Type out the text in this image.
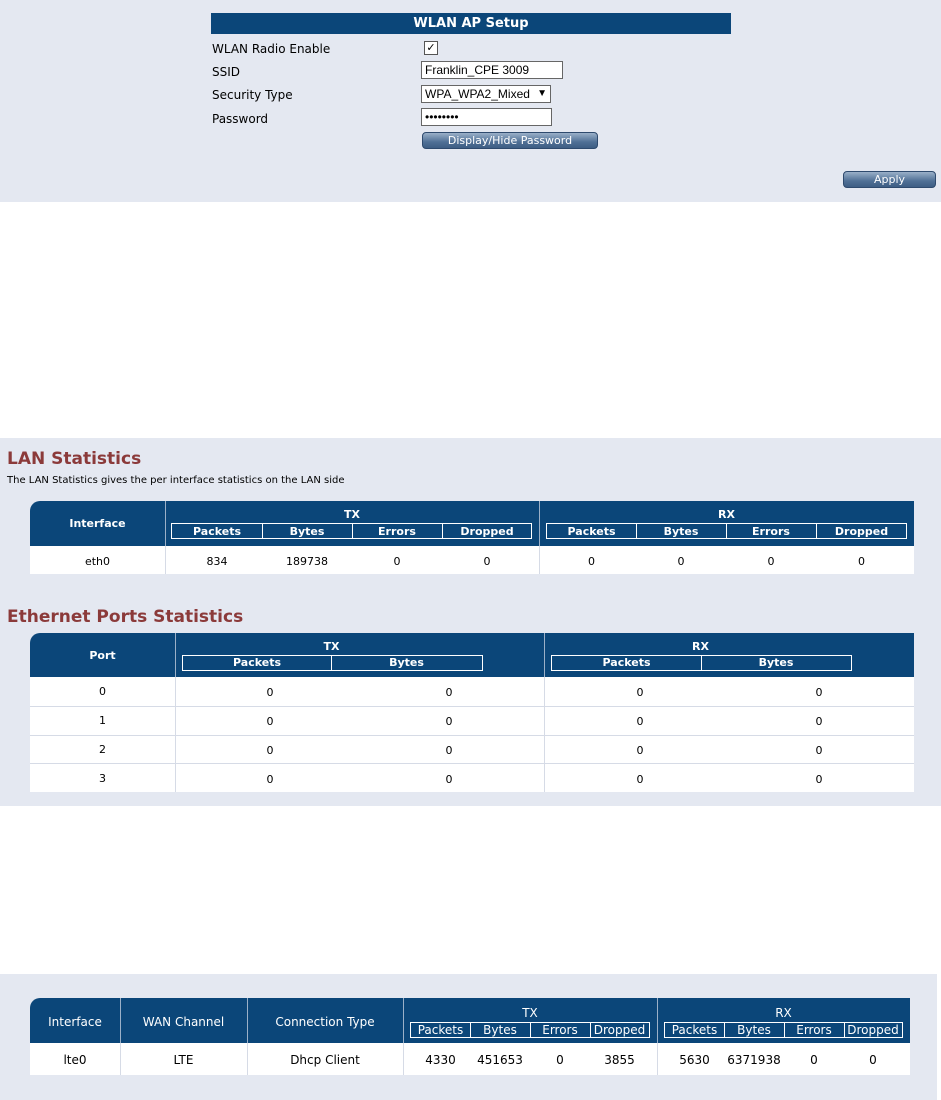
WLAN AP Setup
WLAN Radio Enable	✓
SSID	Franklin_CPE 3009
Security Type	WPA_WPA2_Mixed ▼
Password	••••••••
Display/Hide Password
Apply
LAN Statistics
The LAN Statistics gives the per interface statistics on the LAN side
Interface
TX	RX
Packets	Bytes	Errors	Dropped	Packets	Bytes	Errors	Dropped
eth0	834	189738	0	0	0	0	0	0
Ethernet Ports Statistics
Port
TX	RX
Packets	Bytes	Packets	Bytes
0	0	0	0	0
1	0	0	0	0
2	0	0	0	0
3	0	0	0	0
Interface	WAN Channel	Connection Type
TX	RX
Packets	Bytes	Errors	Dropped	Packets	Bytes	Errors	Dropped
lte0	LTE	Dhcp Client	4330	451653	0	3855	5630	6371938	0	0
